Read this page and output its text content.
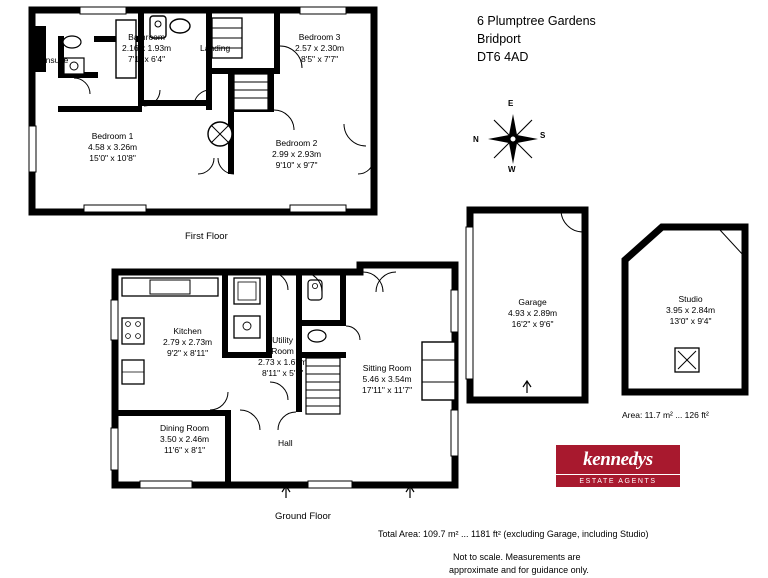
6 Plumptree Gardens
Bridport
DT6 4AD
E
S
W
N
Ensuite
Bathroom
2.16 x 1.93m
7'1" x 6'4"
Landing
Bedroom 3
2.57 x 2.30m
8'5" x 7'7"
Bedroom 1
4.58 x 3.26m
15'0" x 10'8"
Bedroom 2
2.99 x 2.93m
9'10" x 9'7"
First Floor
Kitchen
2.79 x 2.73m
9'2" x 8'11"
Utility
Room
2.73 x 1.67m
8'11" x 5'6"	Sitting Room
5.46 x 3.54m
17'11" x 11'7"
Dining Room
3.50 x 2.46m
11'6" x 8'1"
Hall
Ground Floor
Garage
4.93 x 2.89m
16'2" x 9'6"
Studio
3.95 x 2.84m
13'0" x 9'4"
Area: 11.7 m² ... 126 ft²
kennedys
ESTATE AGENTS
Total Area: 109.7 m² ... 1181 ft² (excluding Garage, including Studio)
Not to scale. Measurements are
approximate and for guidance only.
